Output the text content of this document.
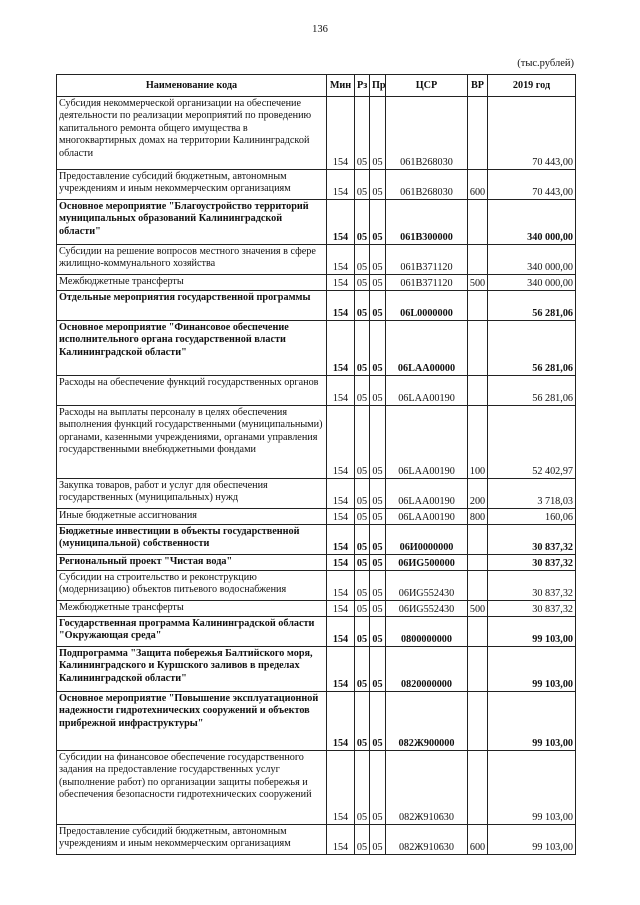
136
(тыс.рублей)
Наименование кода	Мин	Рз	Пр	ЦСР	ВР	2019 год
Субсидия некоммерческой организации на обеспечение деятельности по реализации мероприятий по проведению капитального ремонта общего имущества в многоквартирных домах на территории Калининградской области	154	05	05	061В268030		70 443,00
Предоставление субсидий бюджетным, автономным учреждениям и иным некоммерческим организациям	154	05	05	061В268030	600	70 443,00
Основное мероприятие "Благоустройство территорий муниципальных образований Калининградской области"	154	05	05	061В300000		340 000,00
Субсидии на решение вопросов местного значения в сфере жилищно-коммунального хозяйства	154	05	05	061В371120		340 000,00
Межбюджетные трансферты	154	05	05	061В371120	500	340 000,00
Отдельные мероприятия государственной программы	154	05	05	06L0000000		56 281,06
Основное мероприятие "Финансовое обеспечение исполнительного органа государственной власти Калининградской области"	154	05	05	06LАА00000		56 281,06
Расходы на обеспечение функций государственных органов	154	05	05	06LАА00190		56 281,06
Расходы на выплаты персоналу в целях обеспечения выполнения функций государственными (муниципальными) органами, казенными учреждениями, органами управления государственными внебюджетными фондами	154	05	05	06LАА00190	100	52 402,97
Закупка товаров, работ и услуг для обеспечения государственных (муниципальных) нужд	154	05	05	06LАА00190	200	3 718,03
Иные бюджетные ассигнования	154	05	05	06LАА00190	800	160,06
Бюджетные инвестиции в объекты государственной (муниципальной) собственности	154	05	05	06И0000000		30 837,32
Региональный проект "Чистая вода"	154	05	05	06ИG500000		30 837,32
Субсидии на строительство и реконструкцию (модернизацию) объектов питьевого водоснабжения	154	05	05	06ИG552430		30 837,32
Межбюджетные трансферты	154	05	05	06ИG552430	500	30 837,32
Государственная программа Калининградской области "Окружающая среда"	154	05	05	0800000000		99 103,00
Подпрограмма "Защита побережья Балтийского моря, Калининградского и Куршского заливов в пределах Калининградской области"	154	05	05	0820000000		99 103,00
Основное мероприятие "Повышение эксплуатационной надежности гидротехнических сооружений и объектов прибрежной инфраструктуры"	154	05	05	082Ж900000		99 103,00
Субсидии на финансовое обеспечение государственного задания на предоставление государственных услуг (выполнение работ) по организации защиты побережья и обеспечения безопасности гидротехнических сооружений	154	05	05	082Ж910630		99 103,00
Предоставление субсидий бюджетным, автономным учреждениям и иным некоммерческим организациям	154	05	05	082Ж910630	600	99 103,00
